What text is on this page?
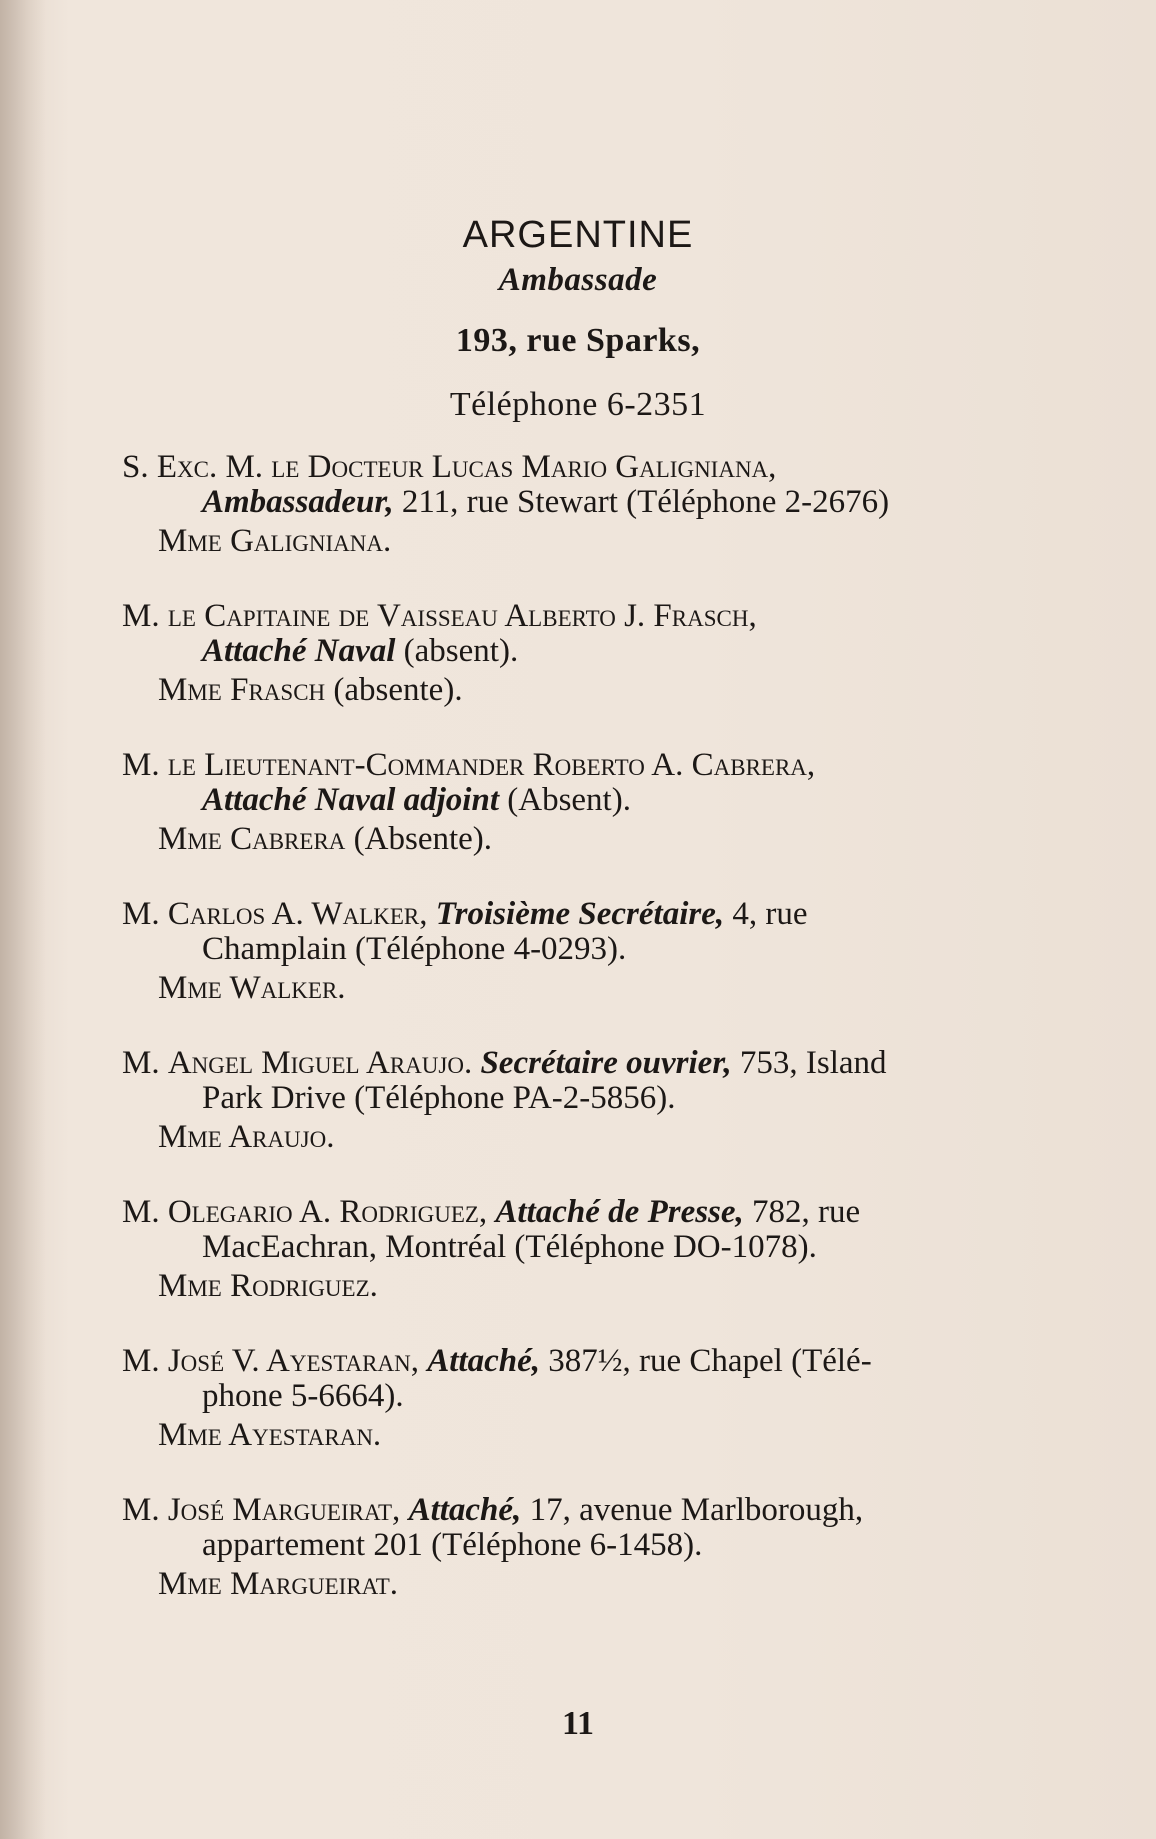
ARGENTINE
Ambassade
193, rue Sparks,
Téléphone 6-2351
S. Exc. M. le Docteur Lucas Mario Galigniana,
Ambassadeur, 211, rue Stewart (Téléphone 2-2676)
Mme Galigniana.
M. le Capitaine de Vaisseau Alberto J. Frasch,
Attaché Naval (absent).
Mme Frasch (absente).
M. le Lieutenant-Commander Roberto A. Cabrera,
Attaché Naval adjoint (Absent).
Mme Cabrera (Absente).
M. Carlos A. Walker, Troisième Secrétaire, 4, rue
Champlain (Téléphone 4-0293).
Mme Walker.
M. Angel Miguel Araujo. Secrétaire ouvrier, 753, Island
Park Drive (Téléphone PA-2-5856).
Mme Araujo.
M. Olegario A. Rodriguez, Attaché de Presse, 782, rue
MacEachran, Montréal (Téléphone DO-1078).
Mme Rodriguez.
M. José V. Ayestaran, Attaché, 387½, rue Chapel (Télé-
phone 5-6664).
Mme Ayestaran.
M. José Margueirat, Attaché, 17, avenue Marlborough,
appartement 201 (Téléphone 6-1458).
Mme Margueirat.
11
